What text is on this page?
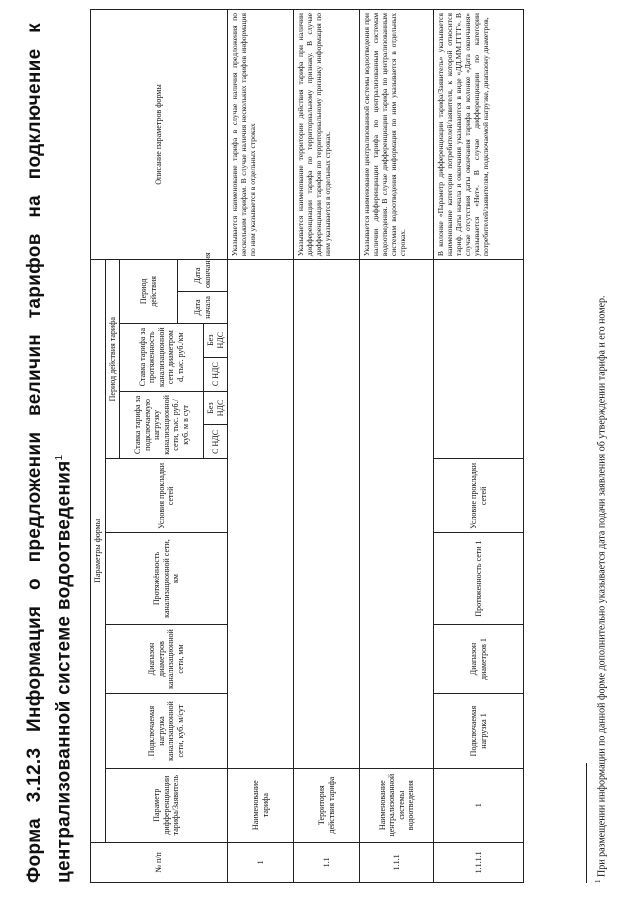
Форма 3.12.3 Информация о предложении величин тарифов на подключение к централизованной системе водоотведения$^1$
№ п/п	Параметры формы											Описание параметров формы
	Параметр дифференциации тарифа/Заявитель	Подключаемая нагрузка канализационной сети, куб. м/сут	Диапазон диаметров канализационной сети, мм	Протяжённость канализационной сети, км	Условия прокладки сетей	Период действия тарифа						
						Ставка тарифа за подключаемую нагрузку канализационной сети, тыс. руб./куб. м в сут		Ставка тарифа за протяженность канализационной сети диаметром d, тыс. руб./км		Период действия		
										Дата начала	Дата окончания	
						С НДС	Без НДС	С НДС	Без НДС			
1	Наименование тарифа											Указывается наименование тарифа в случае наличия предложения по нескольким тарифам. В случае наличия нескольких тарифов информация по ним указывается в отдельных строках
1.1	Территория действия тарифа											Указывается наименование территории действия тарифа при наличии дифференциации тарифа по территориальному признаку. В случае дифференциации тарифов по территориальному признаку информация по ним указывается в отдельных строках.
1.1.1	Наименование централизованной системы водоотведения											Указывается наименование централизованной системы водоотведения при наличии дифференциации тарифа по централизованным системам водоотведения. В случае дифференциации тарифа по централизованным системам водоотведения информация по ним указывается в отдельных строках.
1.1.1.1	1	Подключаемая нагрузка 1	Диапазон диаметров 1	Протяженность сети 1	Условие прокладки сетей							В колонке «Параметр дифференциации тарифа/Заявитель» указывается наименование категории потребителей/заявителя, к которой относится тариф. Даты начала и окончания указываются в виде «ДД.ММ.ГГГГ». В случае отсутствия даты окончания тарифа в колонке «Дата окончания» указывается «Нет». В случае дифференциации по категории потребителей/заявителям, подключаемой нагрузке, диапазону диаметров,
$^1$ При размещении информации по данной форме дополнительно указывается дата подачи заявления об утверждении тарифа и его номер.
